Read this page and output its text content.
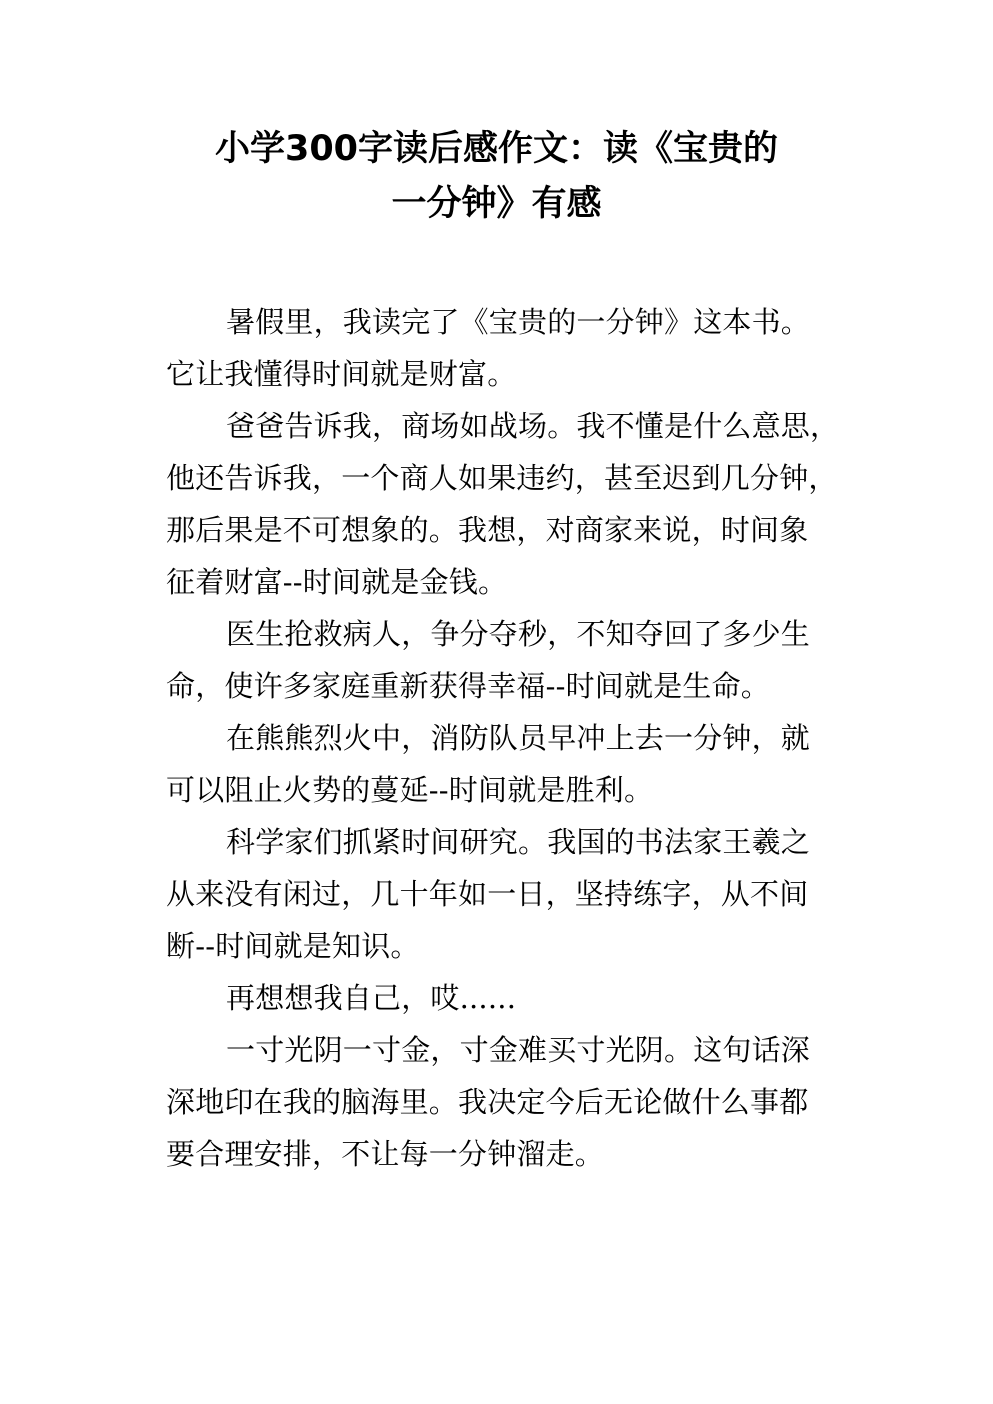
小学300字读后感作文：读《宝贵的
一分钟》有感
暑假里，我读完了《宝贵的一分钟》这本书。
它让我懂得时间就是财富。
爸爸告诉我，商场如战场。我不懂是什么意思，
他还告诉我，一个商人如果违约，甚至迟到几分钟，
那后果是不可想象的。我想，对商家来说，时间象
征着财富--时间就是金钱。
医生抢救病人，争分夺秒，不知夺回了多少生
命，使许多家庭重新获得幸福--时间就是生命。
在熊熊烈火中，消防队员早冲上去一分钟，就
可以阻止火势的蔓延--时间就是胜利。
科学家们抓紧时间研究。我国的书法家王羲之
从来没有闲过，几十年如一日，坚持练字，从不间
断--时间就是知识。
再想想我自己，哎......
一寸光阴一寸金，寸金难买寸光阴。这句话深
深地印在我的脑海里。我决定今后无论做什么事都
要合理安排，不让每一分钟溜走。
